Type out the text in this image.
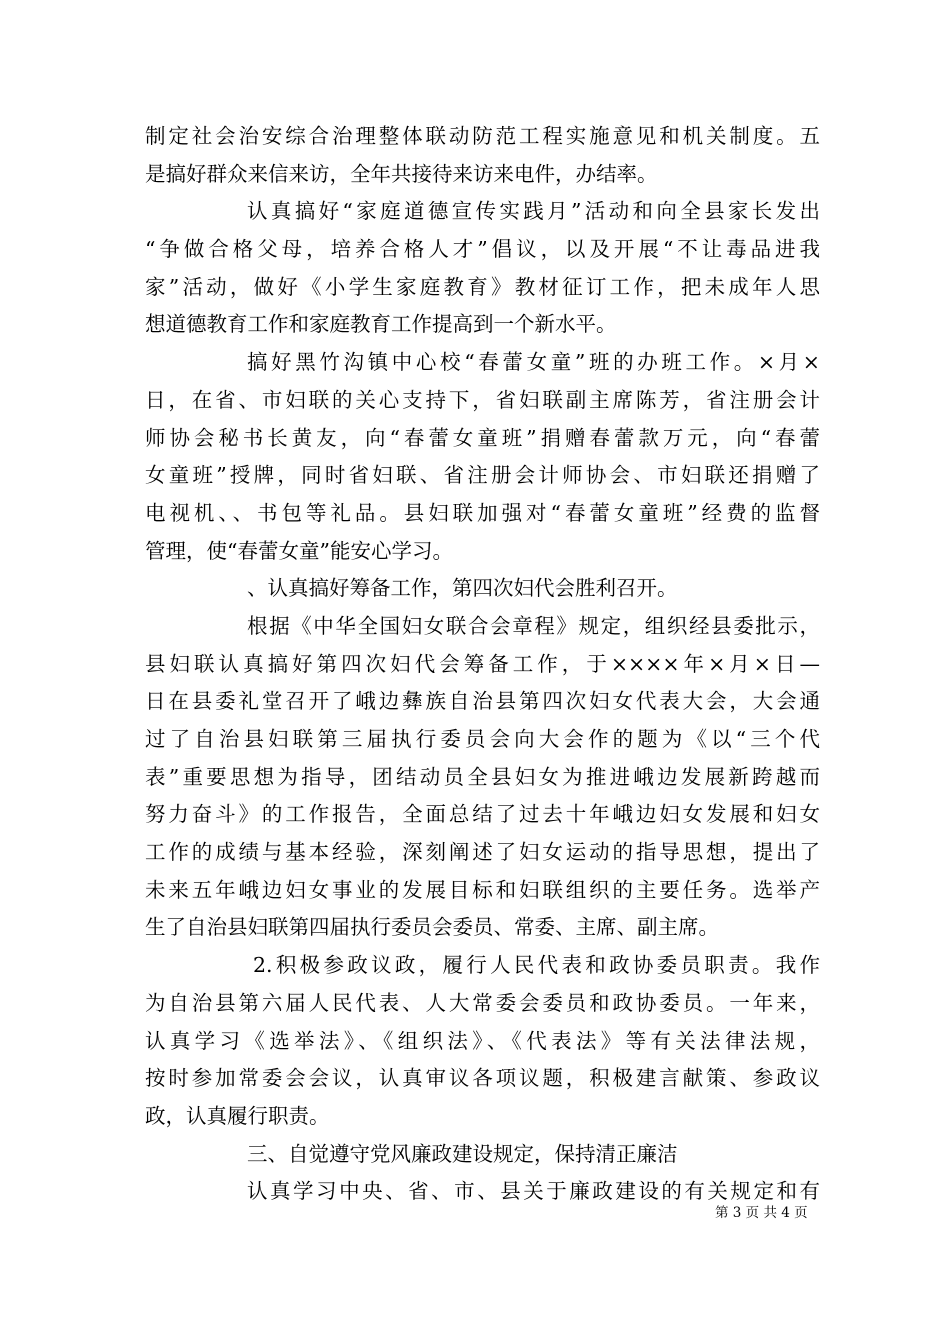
制定社会治安综合治理整体联动防范工程实施意见和机关制度。五
是搞好群众来信来访，全年共接待来访来电件，办结率。
认真搞好“家庭道德宣传实践月”活动和向全县家长发出
“争做合格父母，培养合格人才”倡议，以及开展“不让毒品进我
家”活动，做好《小学生家庭教育》教材征订工作，把未成年人思
想道德教育工作和家庭教育工作提高到一个新水平。
搞好黑竹沟镇中心校“春蕾女童”班的办班工作。×月×
日，在省、市妇联的关心支持下，省妇联副主席陈芳，省注册会计
师协会秘书长黄友，向“春蕾女童班”捐赠春蕾款万元，向“春蕾
女童班”授牌，同时省妇联、省注册会计师协会、市妇联还捐赠了
电视机、、书包等礼品。县妇联加强对“春蕾女童班”经费的监督
管理，使“春蕾女童”能安心学习。
、认真搞好筹备工作，第四次妇代会胜利召开。
根据《中华全国妇女联合会章程》规定，组织经县委批示，
县妇联认真搞好第四次妇代会筹备工作，于××××年×月×日—
日在县委礼堂召开了峨边彝族自治县第四次妇女代表大会，大会通
过了自治县妇联第三届执行委员会向大会作的题为《以“三个代
表”重要思想为指导，团结动员全县妇女为推进峨边发展新跨越而
努力奋斗》的工作报告，全面总结了过去十年峨边妇女发展和妇女
工作的成绩与基本经验，深刻阐述了妇女运动的指导思想，提出了
未来五年峨边妇女事业的发展目标和妇联组织的主要任务。选举产
生了自治县妇联第四届执行委员会委员、常委、主席、副主席。
2.积极参政议政，履行人民代表和政协委员职责。我作
为自治县第六届人民代表、人大常委会委员和政协委员。一年来，
认真学习《选举法》、《组织法》、《代表法》等有关法律法规，
按时参加常委会会议，认真审议各项议题，积极建言献策、参政议
政，认真履行职责。
三、自觉遵守党风廉政建设规定，保持清正廉洁
认真学习中央、省、市、县关于廉政建设的有关规定和有
第 3 页 共 4 页
